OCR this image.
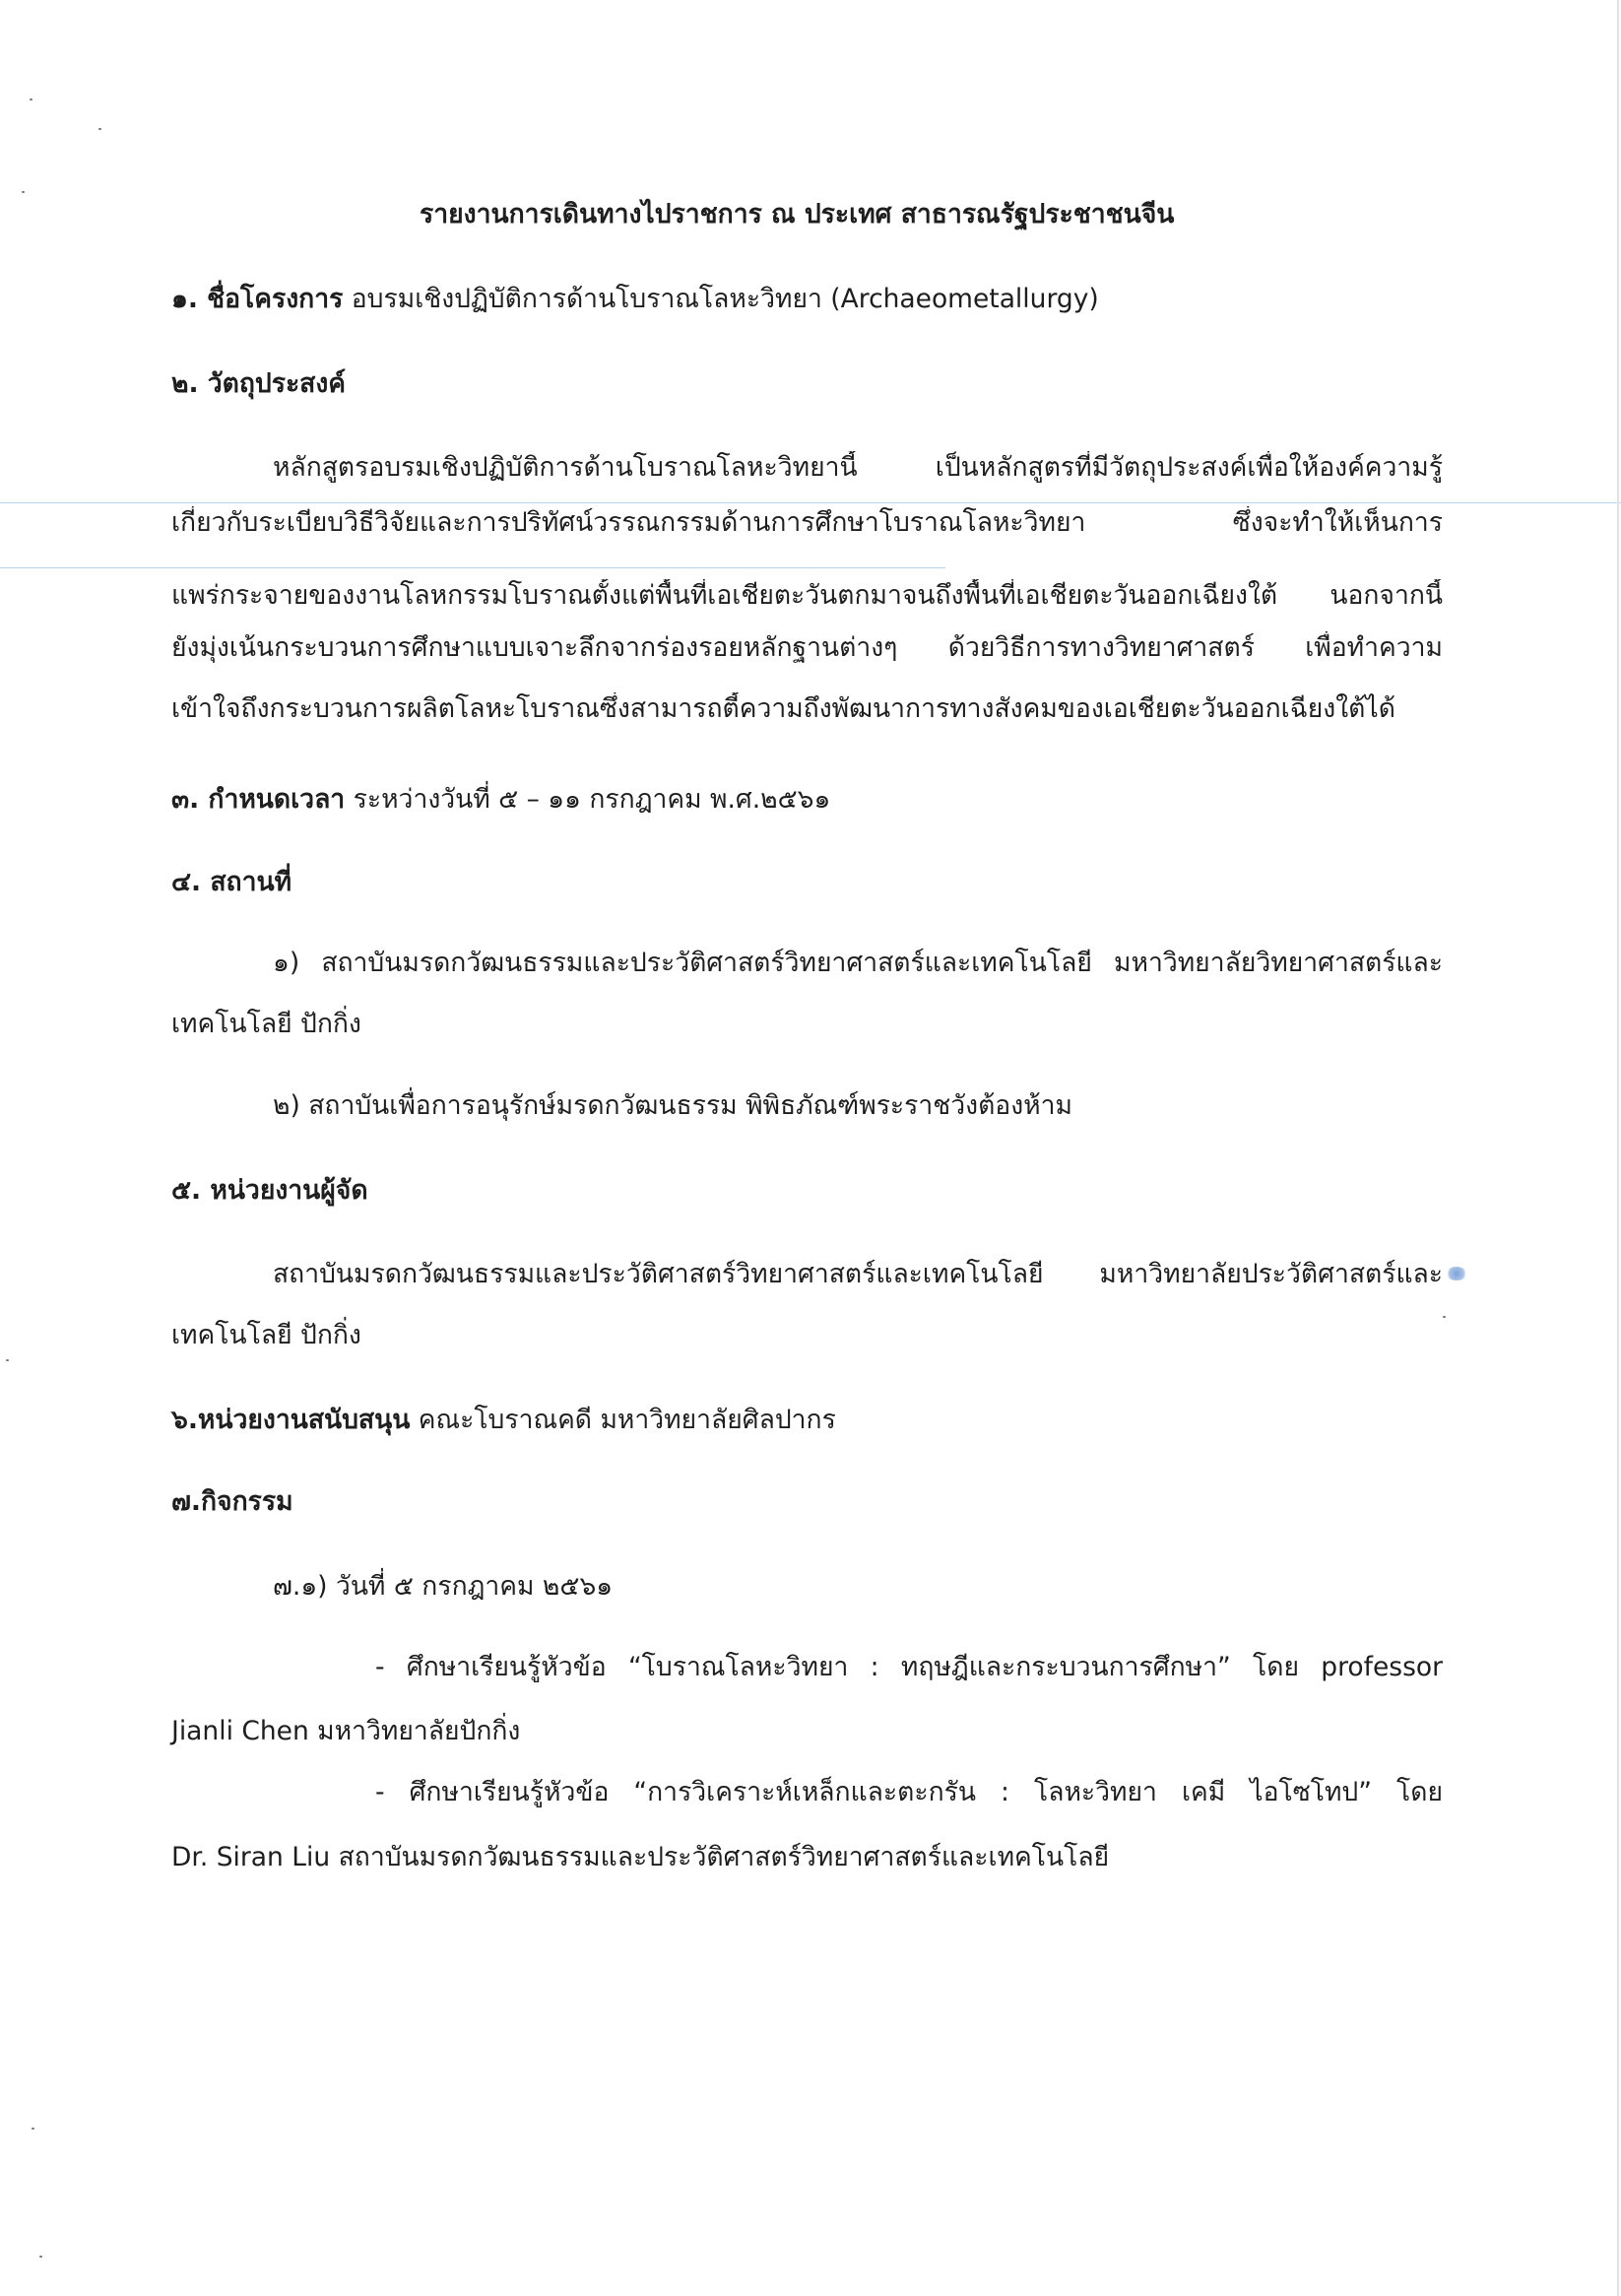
รายงานการเดินทางไปราชการ ณ ประเทศ สาธารณรัฐประชาชนจีน
๑. ชื่อโครงการ อบรมเชิงปฏิบัติการด้านโบราณโลหะวิทยา (Archaeometallurgy)
๒. วัตถุประสงค์
หลักสูตรอบรมเชิงปฏิบัติการด้านโบราณโลหะวิทยานี้ เป็นหลักสูตรที่มีวัตถุประสงค์เพื่อให้องค์ความรู้
เกี่ยวกับระเบียบวิธีวิจัยและการปริทัศน์วรรณกรรมด้านการศึกษาโบราณโลหะวิทยา ซึ่งจะทำให้เห็นการ
แพร่กระจายของงานโลหกรรมโบราณตั้งแต่พื้นที่เอเชียตะวันตกมาจนถึงพื้นที่เอเชียตะวันออกเฉียงใต้ นอกจากนี้
ยังมุ่งเน้นกระบวนการศึกษาแบบเจาะลึกจากร่องรอยหลักฐานต่างๆ ด้วยวิธีการทางวิทยาศาสตร์ เพื่อทำความ
เข้าใจถึงกระบวนการผลิตโลหะโบราณซึ่งสามารถตี้ความถึงพัฒนาการทางสังคมของเอเชียตะวันออกเฉียงใต้ได้
๓. กำหนดเวลา ระหว่างวันที่ ๕ – ๑๑ กรกฎาคม พ.ศ.๒๕๖๑
๔. สถานที่
๑) สถาบันมรดกวัฒนธรรมและประวัติศาสตร์วิทยาศาสตร์และเทคโนโลยี มหาวิทยาลัยวิทยาศาสตร์และ
เทคโนโลยี ปักกิ่ง
๒) สถาบันเพื่อการอนุรักษ์มรดกวัฒนธรรม พิพิธภัณฑ์พระราชวังต้องห้าม
๕. หน่วยงานผู้จัด
สถาบันมรดกวัฒนธรรมและประวัติศาสตร์วิทยาศาสตร์และเทคโนโลยี มหาวิทยาลัยประวัติศาสตร์และ
เทคโนโลยี ปักกิ่ง
๖.หน่วยงานสนับสนุน คณะโบราณคดี มหาวิทยาลัยศิลปากร
๗.กิจกรรม
๗.๑) วันที่ ๕ กรกฎาคม ๒๕๖๑
- ศึกษาเรียนรู้หัวข้อ “โบราณโลหะวิทยา : ทฤษฎีและกระบวนการศึกษา” โดย professor
Jianli Chen มหาวิทยาลัยปักกิ่ง
- ศึกษาเรียนรู้หัวข้อ “การวิเคราะห์เหล็กและตะกรัน : โลหะวิทยา เคมี ไอโซโทป” โดย
Dr. Siran Liu สถาบันมรดกวัฒนธรรมและประวัติศาสตร์วิทยาศาสตร์และเทคโนโลยี
